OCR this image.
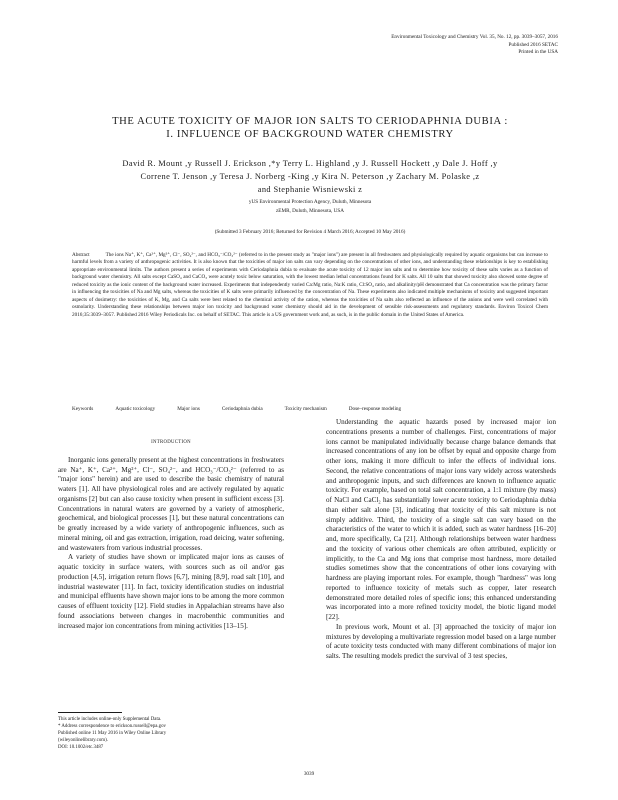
Environmental Toxicology and Chemistry Vol. 35, No. 12, pp. 3039–3057, 2016
Published 2016 SETAC
Printed in the USA
THE ACUTE TOXICITY OF MAJOR ION SALTS TO CERIODAPHNIA DUBIA :
I. INFLUENCE OF BACKGROUND WATER CHEMISTRY
David R. Mount ,y Russell J. Erickson ,*y Terry L. Highland ,y J. Russell Hockett ,y Dale J. Hoff ,y
Correne T. Jenson ,y Teresa J. Norberg -King ,y Kira N. Peterson ,y Zachary M. Polaske ,z
and Stephanie Wisniewski z
yUS Environmental Protection Agency, Duluth, Minnesota
zEMR, Duluth, Minnesota, USA
(Submitted 3 February 2016; Returned for Revision 4 March 2016; Accepted 10 May 2016)
Abstract	The ions Na⁺, K⁺, Ca²⁺, Mg²⁺, Cl⁻, SO₄²⁻, and HCO₃⁻/CO₃²⁻ (referred to in the present study as "major ions") are present in all freshwaters and physiologically required by aquatic organisms but can increase to harmful levels from a variety of anthropogenic activities. It is also known that the toxicities of major ion salts can vary depending on the concentrations of other ions, and understanding these relationships is key to establishing appropriate environmental limits. The authors present a series of experiments with Ceriodaphnia dubia to evaluate the acute toxicity of 12 major ion salts and to determine how toxicity of these salts varies as a function of background water chemistry. All salts except CaSO₄ and CaCO₃ were acutely toxic below saturation, with the lowest median lethal concentrations found for K salts. All 10 salts that showed toxicity also showed some degree of reduced toxicity as the ionic content of the background water increased. Experiments that independently varied Ca:Mg ratio, Na:K ratio, Cl:SO₄ ratio, and alkalinity/pH demonstrated that Ca concentration was the primary factor in influencing the toxicities of Na and Mg salts, whereas the toxicities of K salts were primarily influenced by the concentration of Na. These experiments also indicated multiple mechanisms of toxicity and suggested important aspects of dosimetry: the toxicities of K, Mg, and Ca salts were best related to the chemical activity of the cation, whereas the toxicities of Na salts also reflected an influence of the anions and were well correlated with osmolarity. Understanding these relationships between major ion toxicity and background water chemistry should aid in the development of sensible risk-assessments and regulatory standards. Environ Toxicol Chem 2016;35:3039–3057. Published 2016 Wiley Periodicals Inc. on behalf of SETAC. This article is a US government work and, as such, is in the public domain in the United States of America.
Keywords	Aquatic toxicology	Major ions	Ceriodaphnia dubia	Toxicity mechanism	Dose–response modeling
INTRODUCTION

Inorganic ions generally present at the highest concentrations in freshwaters are Na⁺, K⁺, Ca²⁺, Mg²⁺, Cl⁻, SO₄²⁻, and HCO₃⁻/CO₃²⁻ (referred to as "major ions" herein) and are used to describe the basic chemistry of natural waters [1]. All have physiological roles and are actively regulated by aquatic organisms [2] but can also cause toxicity when present in sufficient excess [3]. Concentrations in natural waters are governed by a variety of atmospheric, geochemical, and biological processes [1], but these natural concentrations can be greatly increased by a wide variety of anthropogenic influences, such as mineral mining, oil and gas extraction, irrigation, road deicing, water softening, and wastewaters from various industrial processes.

A variety of studies have shown or implicated major ions as causes of aquatic toxicity in surface waters, with sources such as oil and/or gas production [4,5], irrigation return flows [6,7], mining [8,9], road salt [10], and industrial wastewater [11]. In fact, toxicity identification studies on industrial and municipal effluents have shown major ions to be among the more common causes of effluent toxicity [12]. Field studies in Appalachian streams have also found associations between changes in macrobenthic communities and increased major ion concentrations from mining activities [13–15].

Understanding the aquatic hazards posed by increased major ion concentrations presents a number of challenges. First, concentrations of major ions cannot be manipulated individually because charge balance demands that increased concentrations of any ion be offset by equal and opposite charge from other ions, making it more difficult to infer the effects of individual ions. Second, the relative concentrations of major ions vary widely across watersheds and anthropogenic inputs, and such differences are known to influence aquatic toxicity. For example, based on total salt concentration, a 1:1 mixture (by mass) of NaCl and CaCl₂ has substantially lower acute toxicity to Ceriodaphnia dubia than either salt alone [3], indicating that toxicity of this salt mixture is not simply additive. Third, the toxicity of a single salt can vary based on the characteristics of the water to which it is added, such as water hardness [16–20] and, more specifically, Ca [21]. Although relationships between water hardness and the toxicity of various other chemicals are often attributed, explicitly or implicitly, to the Ca and Mg ions that comprise most hardness, more detailed studies sometimes show that the concentrations of other ions covarying with hardness are playing important roles. For example, though "hardness" was long reported to influence toxicity of metals such as copper, later research demonstrated more detailed roles of specific ions; this enhanced understanding was incorporated into a more refined toxicity model, the biotic ligand model [22].

In previous work, Mount et al. [3] approached the toxicity of major ion mixtures by developing a multivariate regression model based on a large number of acute toxicity tests conducted with many different combinations of major ion salts. The resulting models predict the survival of 3 test species,

This article includes online-only Supplemental Data.
* Address correspondence to erickson.russell@epa.gov
Published online 11 May 2016 in Wiley Online Library
(wileyonlinelibrary.com).
DOI: 10.1002/etc.3487
3039
